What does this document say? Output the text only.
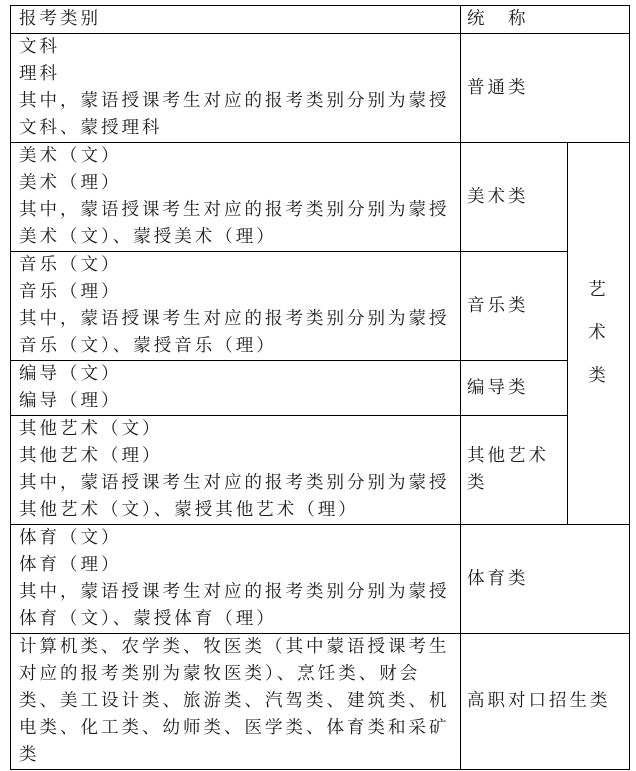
报考类别	统　称	

文科
理科
其中，蒙语授课考生对应的报考类别分别为蒙授文科、蒙授理科	普通类	

美术（文）
美术（理）
其中，蒙语授课考生对应的报考类别分别为蒙授美术（文）、蒙授美术（理）	美术类	艺
术
类

音乐（文）
音乐（理）
其中，蒙语授课考生对应的报考类别分别为蒙授音乐（文）、蒙授音乐（理）	音乐类	

编导（文）
编导（理）	编导类	

其他艺术（文）
其他艺术（理）
其中，蒙语授课考生对应的报考类别分别为蒙授其他艺术（文）、蒙授其他艺术（理）	其他艺术类	

体育（文）
体育（理）
其中，蒙语授课考生对应的报考类别分别为蒙授体育（文）、蒙授体育（理）	体育类	

计算机类、农学类、牧医类（其中蒙语授课考生对应的报考类别为蒙牧医类）、烹饪类、财会类、美工设计类、旅游类、汽驾类、建筑类、机电类、化工类、幼师类、医学类、体育类和采矿类	高职对口招生类	
